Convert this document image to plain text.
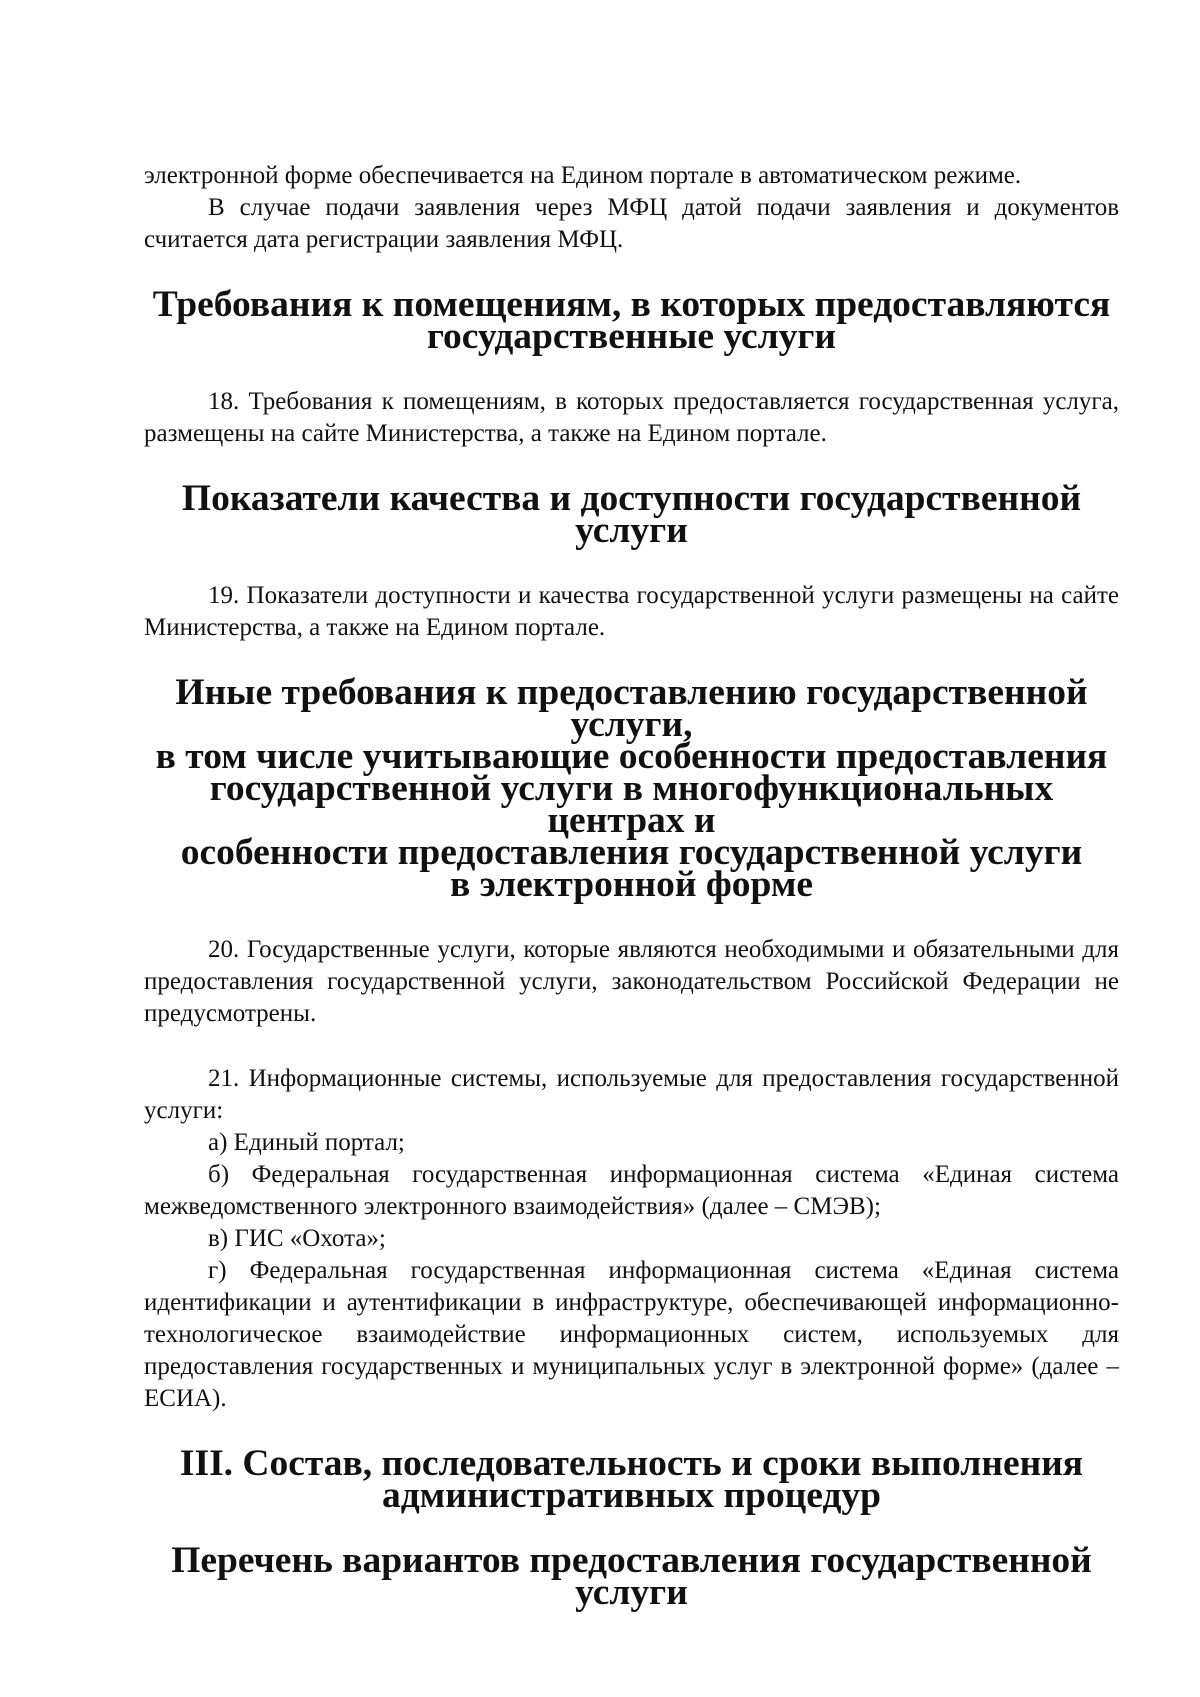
электронной форме обеспечивается на Едином портале в автоматическом режиме.

В случае подачи заявления через МФЦ датой подачи заявления и документов считается дата регистрации заявления МФЦ.

Требования к помещениям, в которых предоставляются
государственные услуги

18. Требования к помещениям, в которых предоставляется государственная услуга, размещены на сайте Министерства, а также на Едином портале.

Показатели качества и доступности государственной услуги

19. Показатели доступности и качества государственной услуги размещены на сайте Министерства, а также на Едином портале.

Иные требования к предоставлению государственной услуги,
в том числе учитывающие особенности предоставления
государственной услуги в многофункциональных центрах и
особенности предоставления государственной услуги
в электронной форме

20. Государственные услуги, которые являются необходимыми и обязательными для предоставления государственной услуги, законодательством Российской Федерации не предусмотрены.

21. Информационные системы, используемые для предоставления государственной услуги:

а) Единый портал;

б) Федеральная государственная информационная система «Единая система межведомственного электронного взаимодействия» (далее – СМЭВ);

в) ГИС «Охота»;

г) Федеральная государственная информационная система «Единая система идентификации и аутентификации в инфраструктуре, обеспечивающей информационно-технологическое взаимодействие информационных систем, используемых для предоставления государственных и муниципальных услуг в электронной форме» (далее – ЕСИА).

III. Состав, последовательность и сроки выполнения
административных процедур
Перечень вариантов предоставления государственной услуги
